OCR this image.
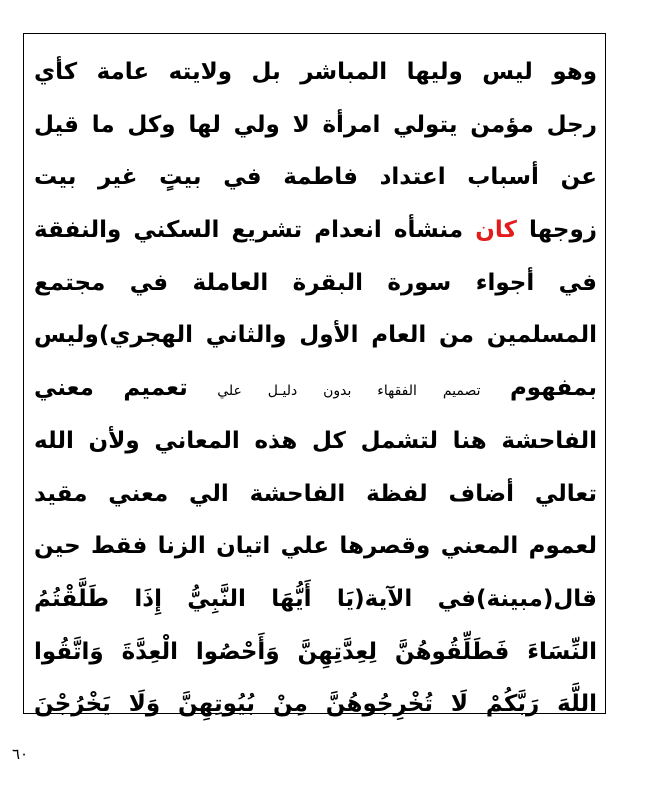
وهو ليس وليها المباشر بل ولايته عامة كأي
رجل مؤمن يتولي امرأة لا ولي لها وكل ما قيل
عن أسباب اعتداد فاطمة في بيتٍ غير بيت
زوجها كان منشأه انعدام تشريع السكني والنفقة
في أجواء سورة البقرة العاملة في مجتمع
المسلمين من العام الأول والثاني الهجري)وليس
بمفهوم تصميم الفقهاء بدون دليـل علي تعميم معني
الفاحشة هنا لتشمل كل هذه المعاني ولأن الله
تعالي أضاف لفظة الفاحشة الي معني مقيد
لعموم المعني وقصرها علي اتيان الزنا فقط حين
قال(مبينة)في الآية(يَا أَيُّهَا النَّبِيُّ إِذَا طَلَّقْتُمُ
النِّسَاءَ فَطَلِّقُوهُنَّ لِعِدَّتِهِنَّ وَأَحْصُوا الْعِدَّةَ وَاتَّقُوا
اللَّهَ رَبَّكُمْ لَا تُخْرِجُوهُنَّ مِنْ بُيُوتِهِنَّ وَلَا يَخْرُجْنَ
٦٠
